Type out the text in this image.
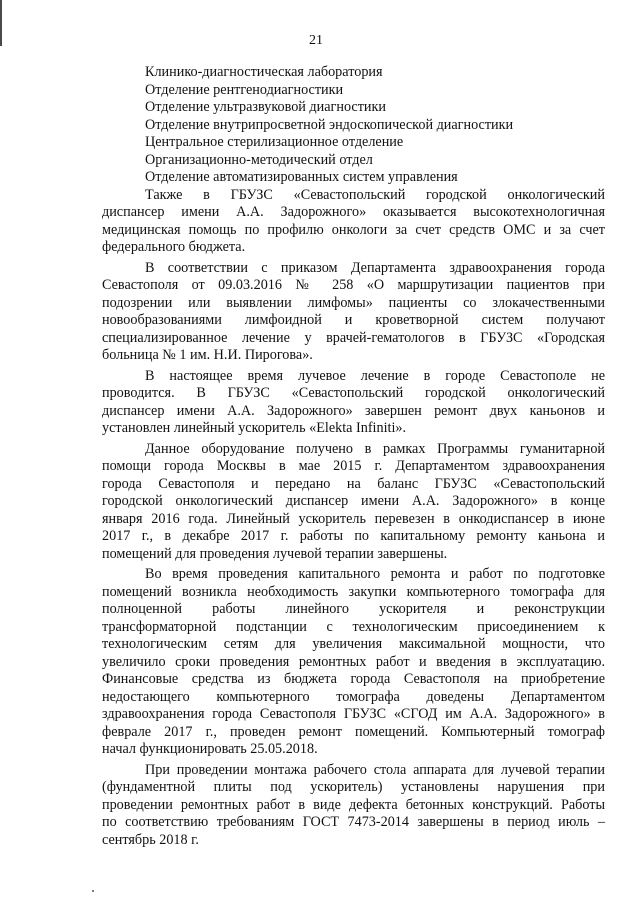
21
Клинико-диагностическая лаборатория
Отделение рентгенодиагностики
Отделение ультразвуковой диагностики
Отделение внутрипросветной эндоскопической диагностики
Центральное стерилизационное отделение
Организационно-методический отдел
Отделение автоматизированных систем управления
Также в ГБУЗС «Севастопольский городской онкологический
диспансер имени А.А. Задорожного» оказывается высокотехнологичная
медицинская помощь по профилю онкологи за счет средств ОМС и за счет
федерального бюджета.
В соответствии с приказом Департамента здравоохранения города
Севастополя от 09.03.2016 № 258 «О маршрутизации пациентов при
подозрении или выявлении лимфомы» пациенты со злокачественными
новообразованиями лимфоидной и кроветворной систем получают
специализированное лечение у врачей-гематологов в ГБУЗС «Городская
больница № 1 им. Н.И. Пирогова».
В настоящее время лучевое лечение в городе Севастополе не
проводится. В ГБУЗС «Севастопольский городской онкологический
диспансер имени А.А. Задорожного» завершен ремонт двух каньонов и
установлен линейный ускоритель «Elekta Infiniti».
Данное оборудование получено в рамках Программы гуманитарной
помощи города Москвы в мае 2015 г. Департаментом здравоохранения
города Севастополя и передано на баланс ГБУЗС «Севастопольский
городской онкологический диспансер имени А.А. Задорожного» в конце
января 2016 года. Линейный ускоритель перевезен в онкодиспансер в июне
2017 г., в декабре 2017 г. работы по капитальному ремонту каньона и
помещений для проведения лучевой терапии завершены.
Во время проведения капитального ремонта и работ по подготовке
помещений возникла необходимость закупки компьютерного томографа для
полноценной работы линейного ускорителя и реконструкции
трансформаторной подстанции с технологическим присоединением к
технологическим сетям для увеличения максимальной мощности, что
увеличило сроки проведения ремонтных работ и введения в эксплуатацию.
Финансовые средства из бюджета города Севастополя на приобретение
недостающего компьютерного томографа доведены Департаментом
здравоохранения города Севастополя ГБУЗС «СГОД им А.А. Задорожного» в
феврале 2017 г., проведен ремонт помещений. Компьютерный томограф
начал функционировать 25.05.2018.
При проведении монтажа рабочего стола аппарата для лучевой терапии
(фундаментной плиты под ускоритель) установлены нарушения при
проведении ремонтных работ в виде дефекта бетонных конструкций. Работы
по соответствию требованиям ГОСТ 7473-2014 завершены в период июль –
сентябрь 2018 г.
